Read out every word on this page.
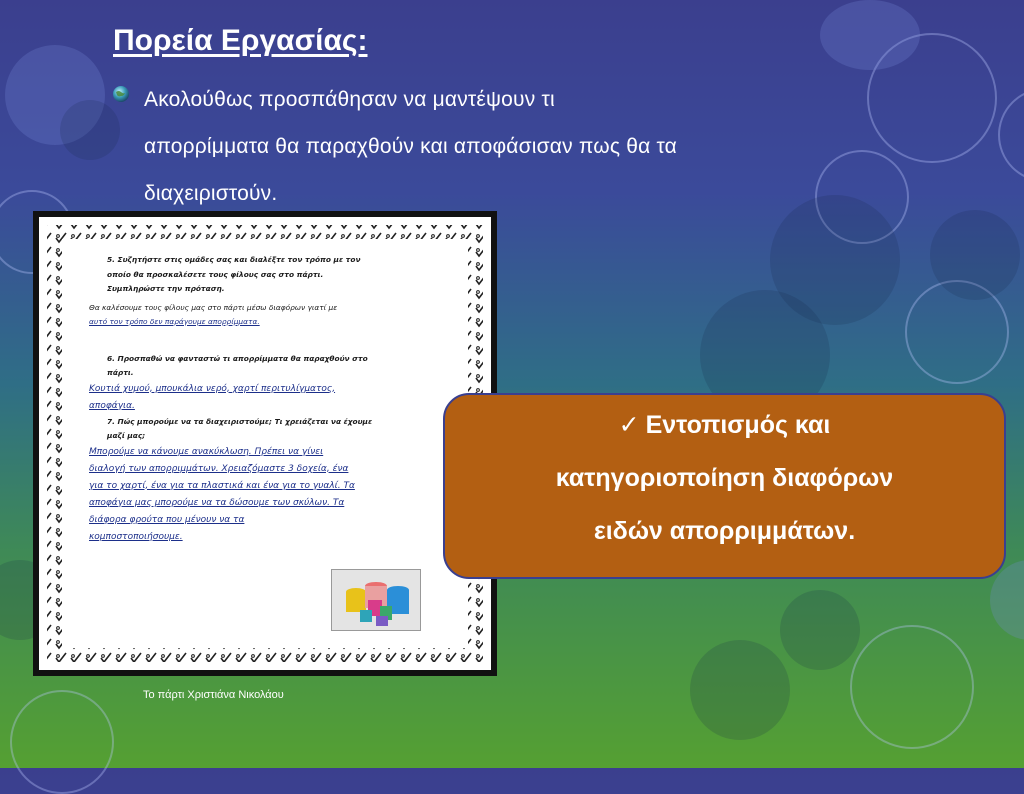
Πορεία Εργασίας:
Ακολούθως προσπάθησαν να μαντέψουν τι
απορρίμματα θα παραχθούν και αποφάσισαν πως θα τα
διαχειριστούν.

5. Συζητήστε στις ομάδες σας και διαλέξτε τον τρόπο με τον

οποίο θα προσκαλέσετε τους φίλους σας στο πάρτι.

Συμπληρώστε την πρόταση.

Θα καλέσουμε τους φίλους μας στο πάρτι μέσω διαφόρων γιατί με

αυτό τον τρόπο δεν παράγουμε απορρίμματα.

6. Προσπαθώ να φανταστώ τι απορρίμματα θα παραχθούν στο

πάρτι.

Κουτιά χυμού, μπουκάλια νερό, χαρτί περιτυλίγματος,

αποφάγια.

7. Πώς μπορούμε να τα διαχειριστούμε; Τι χρειάζεται να έχουμε

μαζί μας;

Μπορούμε να κάνουμε ανακύκλωση. Πρέπει να γίνει

διαλογή των απορριμμάτων. Χρειαζόμαστε 3 δοχεία, ένα

για το χαρτί, ένα για τα πλαστικά και ένα για το γυαλί. Τα

αποφάγια μας μπορούμε να τα δώσουμε των σκύλων. Τα

διάφορα φρούτα που μένουν να τα

κομποστοποιήσουμε.

Το πάρτι Χριστιάνα Νικολάου
✓ Εντοπισμός και
κατηγοριοποίηση διαφόρων
ειδών απορριμμάτων.
